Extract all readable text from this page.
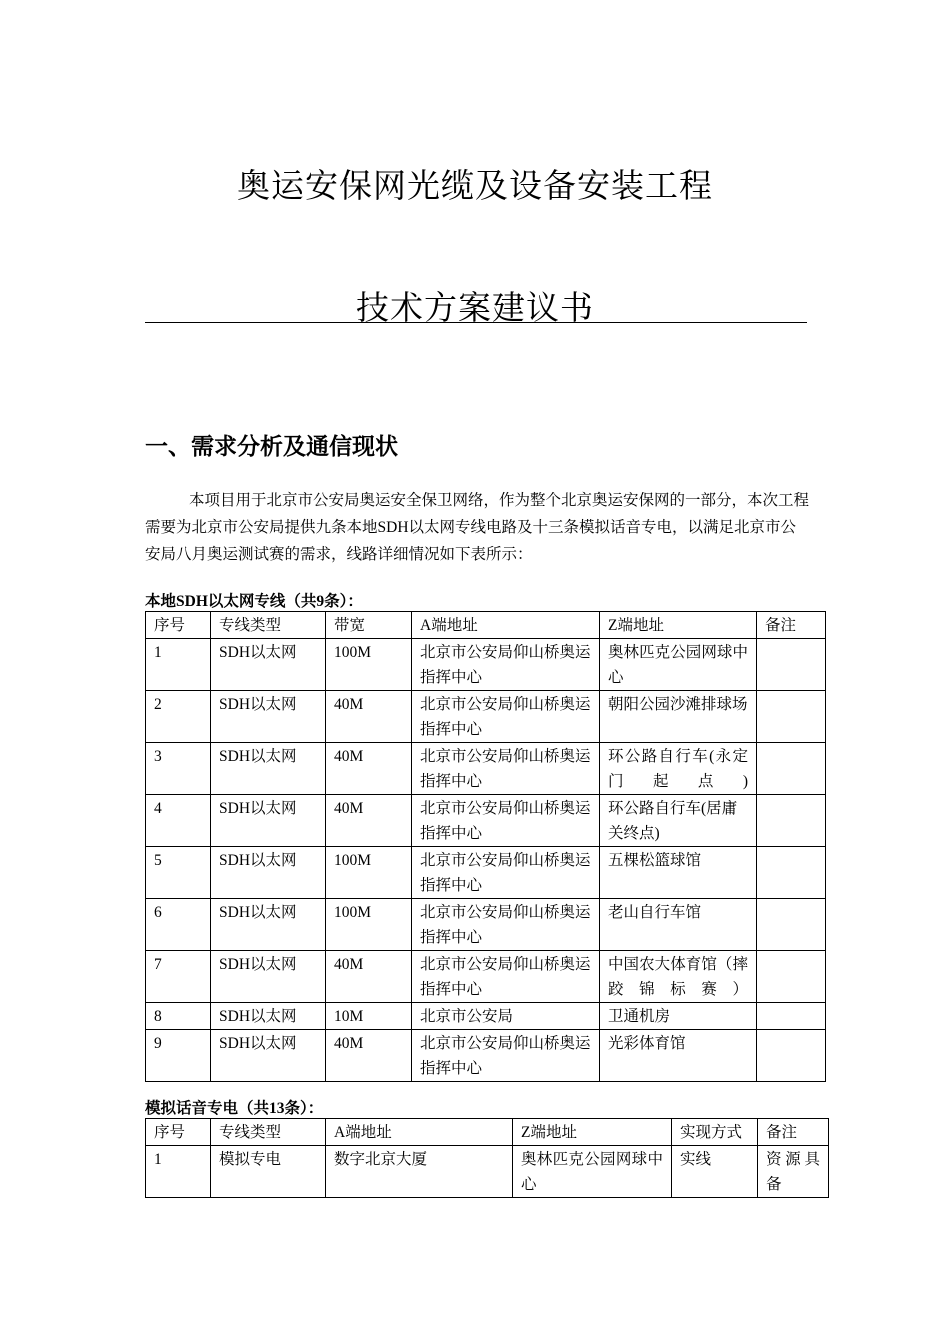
奥运安保网光缆及设备安装工程
技术方案建议书
一、需求分析及通信现状

本项目用于北京市公安局奥运安全保卫网络，作为整个北京奥运安保网的一部分，本次工程需要为北京市公安局提供九条本地SDH以太网专线电路及十三条模拟话音专电，以满足北京市公安局八月奥运测试赛的需求，线路详细情况如下表所示：

本地SDH以太网专线（共9条）：

序号	专线类型	带宽	A端地址	Z端地址	备注
1	SDH以太网	100M	北京市公安局仰山桥奥运指挥中心	奥林匹克公园网球中心	
2	SDH以太网	40M	北京市公安局仰山桥奥运指挥中心	朝阳公园沙滩排球场	
3	SDH以太网	40M	北京市公安局仰山桥奥运指挥中心	环公路自行车(永定门起点)	
4	SDH以太网	40M	北京市公安局仰山桥奥运指挥中心	环公路自行车(居庸关终点)	
5	SDH以太网	100M	北京市公安局仰山桥奥运指挥中心	五棵松篮球馆	
6	SDH以太网	100M	北京市公安局仰山桥奥运指挥中心	老山自行车馆	
7	SDH以太网	40M	北京市公安局仰山桥奥运指挥中心	中国农大体育馆（摔跤锦标赛）	
8	SDH以太网	10M	北京市公安局	卫通机房	
9	SDH以太网	40M	北京市公安局仰山桥奥运指挥中心	光彩体育馆	

模拟话音专电（共13条）：

序号	专线类型	A端地址	Z端地址	实现方式	备注
1	模拟专电	数字北京大厦	奥林匹克公园网球中心	实线	资源具备
